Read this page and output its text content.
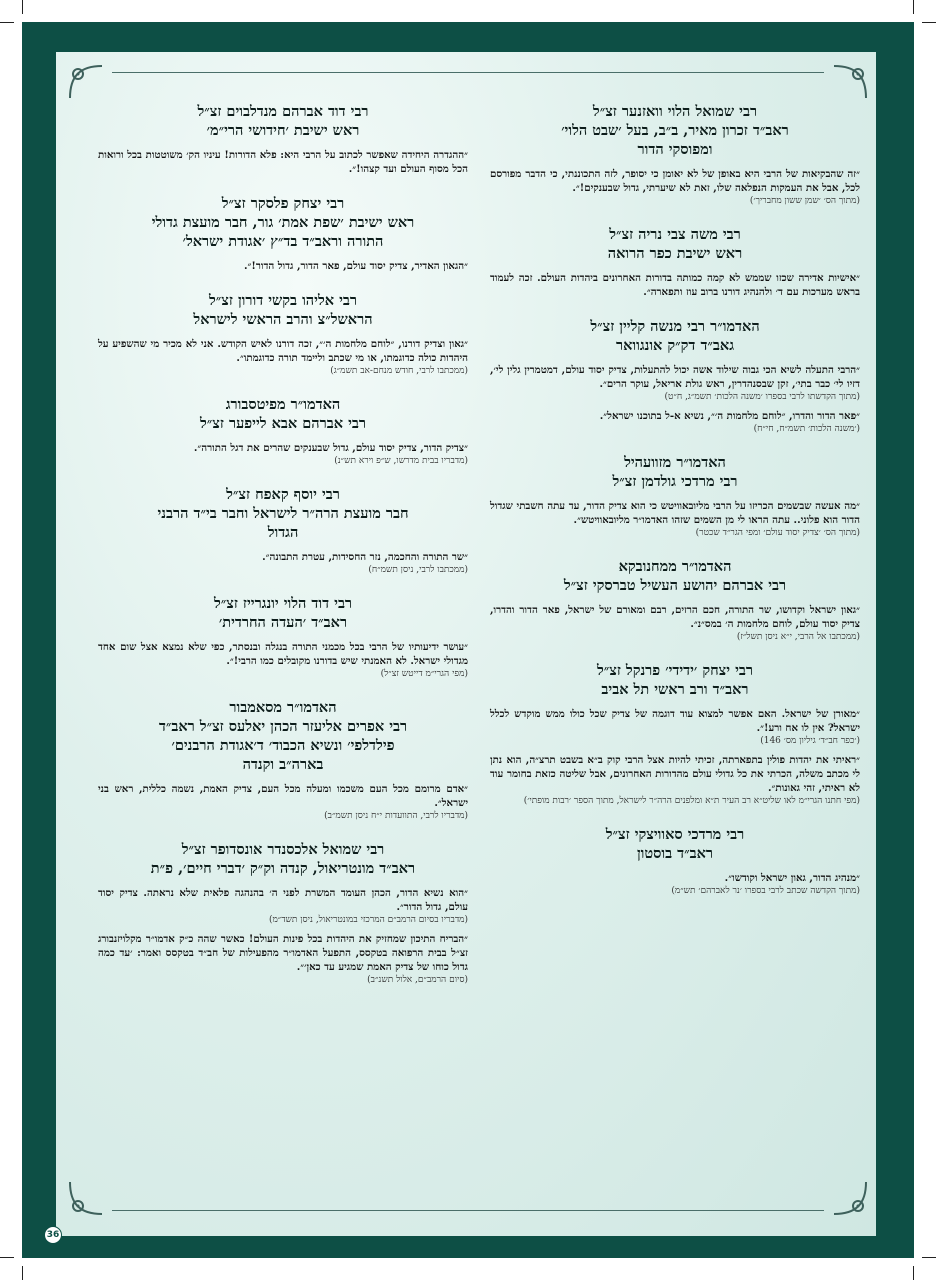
רבי שמואל הלוי וואזנער זצ״ל
ראב״ד זכרון מאיר, ב״ב, בעל ׳שבט הלוי׳
ומפוסקי הדור

״זה שהבקיאות של הרבי היא באופן של לא יאומן כי יסופר, לזה התכוננתי, כי הדבר מפורסם לכל, אבל את העמקות הנפלאה שלו, זאת לא שיערתי, גדול שבענקים!״.

(מתוך הס׳ ׳שמן ששון מחבריך׳)

רבי משה צבי נריה זצ״ל
ראש ישיבת כפר הרואה

״אישיות אדירה שכזו שממש לא קמה כמותה בדורות האחרונים ביהדות העולם. זכה לעמוד בראש מערכות עם ד׳ ולהנהיג דורנו ברוב עוז ותפארה״.

האדמו״ר רבי מנשה קליין זצ״ל
גאב״ד דק״ק אונגוואר

״הרבי התעלה לשיא הכי גבוה שילוד אשה יכול להתעלות, צדיק יסוד עולם, דמטמרין גלין לי׳, דזיו לי׳ כבר בתי׳, זקן שבסנהדרין, ראש גולת אריאל, עוקר הרים״.

(מתוך הקדשתו לרבי בספרו ׳משנה הלכות׳ תשמ״ג, ח״ט)

״פאר הדור והדרו, ״לוחם מלחמות ה׳״, נשיא א-ל בתוכנו ישראל״.

(׳משנה הלכות׳ תשמ״ח, חי״ח)

האדמו״ר מזוועהיל
רבי מרדכי גולדמן זצ״ל

״מה אעשה שבשמים הכריזו על הרבי מליובאוויטש כי הוא צדיק הדור, עד עתה חשבתי שגדול הדור הוא פלוני.. עתה הראו לי מן השמים שזהו האדמו״ר מליובאוויטש״.

(מתוך הס׳ ׳צדיק יסוד עולם׳ ומפי הגר״ד שכטר)

האדמו״ר ממחנובקא
רבי אברהם יהושע העשיל טברסקי זצ״ל

״גאון ישראל וקדושו, שר התורה, חכם הרזים, רבם ומאורם של ישראל, פאר הדור והדרו, צדיק יסוד עולם, לוחם מלחמות ה׳ במס״נ״.

(ממכתבו אל הרבי, י״א ניסן תשל״ז)

רבי יצחק ׳ידידי׳ פרנקל זצ״ל
ראב״ד ורב ראשי תל אביב

״מאורן של ישראל. האם אפשר למצוא עוד דוגמה של צדיק שכל כולו ממש מוקדש לכלל ישראל? אין לו אח ורע!״.

(׳כפר חב״ד׳ גיליון מס׳ 146)

״ראיתי את יהדות פולין בתפארתה, זכיתי להיות אצל הרבי קוק ב״א בשבט תרצ״ה, הוא נתן לי מכתב משלה, הכרתי את כל גדולי עולם מהדורות האחרונים, אבל שליטה כזאת בחומר עוד לא ראיתי, זהי גאונות״.

(מפי חתנו הגרי״מ לאו שליט״א רב העיר ת״א ומלפנים הרה״ר לישראל, מתוך הספר ׳רבות מופתי׳)

רבי מרדכי סאוויצקי זצ״ל
ראב״ד בוסטון

״מנהיג הדור, גאון ישראל וקודשו״.

(מתוך הקדשה שכתב לרבי בספרו ׳נר לאברהם׳ תש״מ)

רבי דוד אברהם מנדלבוים זצ״ל
ראש ישיבת ׳חידושי הרי״מ׳

״ההגדרה היחידה שאפשר לכתוב על הרבי היא: פלא הדורות! עיניו הק׳ משוטטות בכל ורואות הכל מסוף העולם ועד קצהו!״.

רבי יצחק פלסקר זצ״ל
ראש ישיבת ׳שפת אמת׳ גור, חבר מועצת גדולי
התורה וראב״ד בד״ץ ׳אגודת ישראל׳

״הגאון האדיר, צדיק יסוד עולם, פאר הדור, גדול הדור!״.

רבי אליהו בקשי דורון זצ״ל
הראשל״צ והרב הראשי לישראל

״גאון וצדיק דורנו, ״לוחם מלחמות ה׳״, זכה דורנו לאיש הקודש. אני לא מכיר מי שהשפיע על היהדות כולה כדוגמתו, או מי שכתב וליימד תורה כדוגמתו״.

(ממכתבו לרבי, חודש מנחם-אב תשמ״ג)

האדמו״ר מפיטסבורג
רבי אברהם אבא לייפער זצ״ל

״צדיק הדור, צדיק יסוד עולם, גדול שבענקים שהרים את דגל התורה״.

(מדבריו בבית מדרשו, ש״פ וירא תש״נ)

רבי יוסף קאפח זצ״ל
חבר מועצת הרה״ר לישראל וחבר בי״ד הרבני
הגדול

״שר התורה והחכמה, נזר החסידות, עטרת התבונה״.

(ממכתבו לרבי, ניסן תשמ״ח)

רבי דוד הלוי יונגרייז זצ״ל
ראב״ד ׳העדה החרדית׳

״עושר ידיעותיו של הרבי בכל מכמני התורה בנגלה ובנסתר, כפי שלא נמצא אצל שום אחד מגדולי ישראל. לא האמנתי שיש בדורנו מקובלים כמו הרבי!״.

(מפי הגרי״מ דייטש זצ״ל)

האדמו״ר מסאמבור
רבי אפרים אליעזר הכהן יאלעס זצ״ל ראב״ד
פילדלפי׳ ונשיא הכבוד׳ ד׳אגודת הרבנים׳
בארה״ב וקנדה

״אדם מרומם מכל העם משכמו ומעלה מכל העם, צדיק האמת, נשמה כללית, ראש בני ישראל״.

(מדבריו לרבי, התוועדות י״ח ניסן תשמ״ב)

רבי שמואל אלכסנדר אונסדופר זצ״ל
ראב״ד מונטריאול, קנדה וק״ק ׳דברי חיים׳, פ״ת

״הוא נשיא הדור, הכהן העומד המשרת לפני ה׳ בהנהגה פלאית שלא נראתה. צדיק יסוד עולם, גדול הדור״.

(מדבריו בסיום הרמב״ם המרכזי במונטריאול, ניסן תשד״מ)

״הבריח התיכון שמחזיק את היהדות בכל פינות העולם! כאשר שהה כ״ק אדמו״ר מקלויזנבורג זצ״ל בבית הרפואה בטקסס, התפעל האדמו״ר מהפעילות של חב״ד בטקסס ואמר: ׳עד כמה גדול כוחו של צדיק האמת שמגיע עד כאן׳״.

(סיום הרמב״ם, אלול תשנ״ב)

36
